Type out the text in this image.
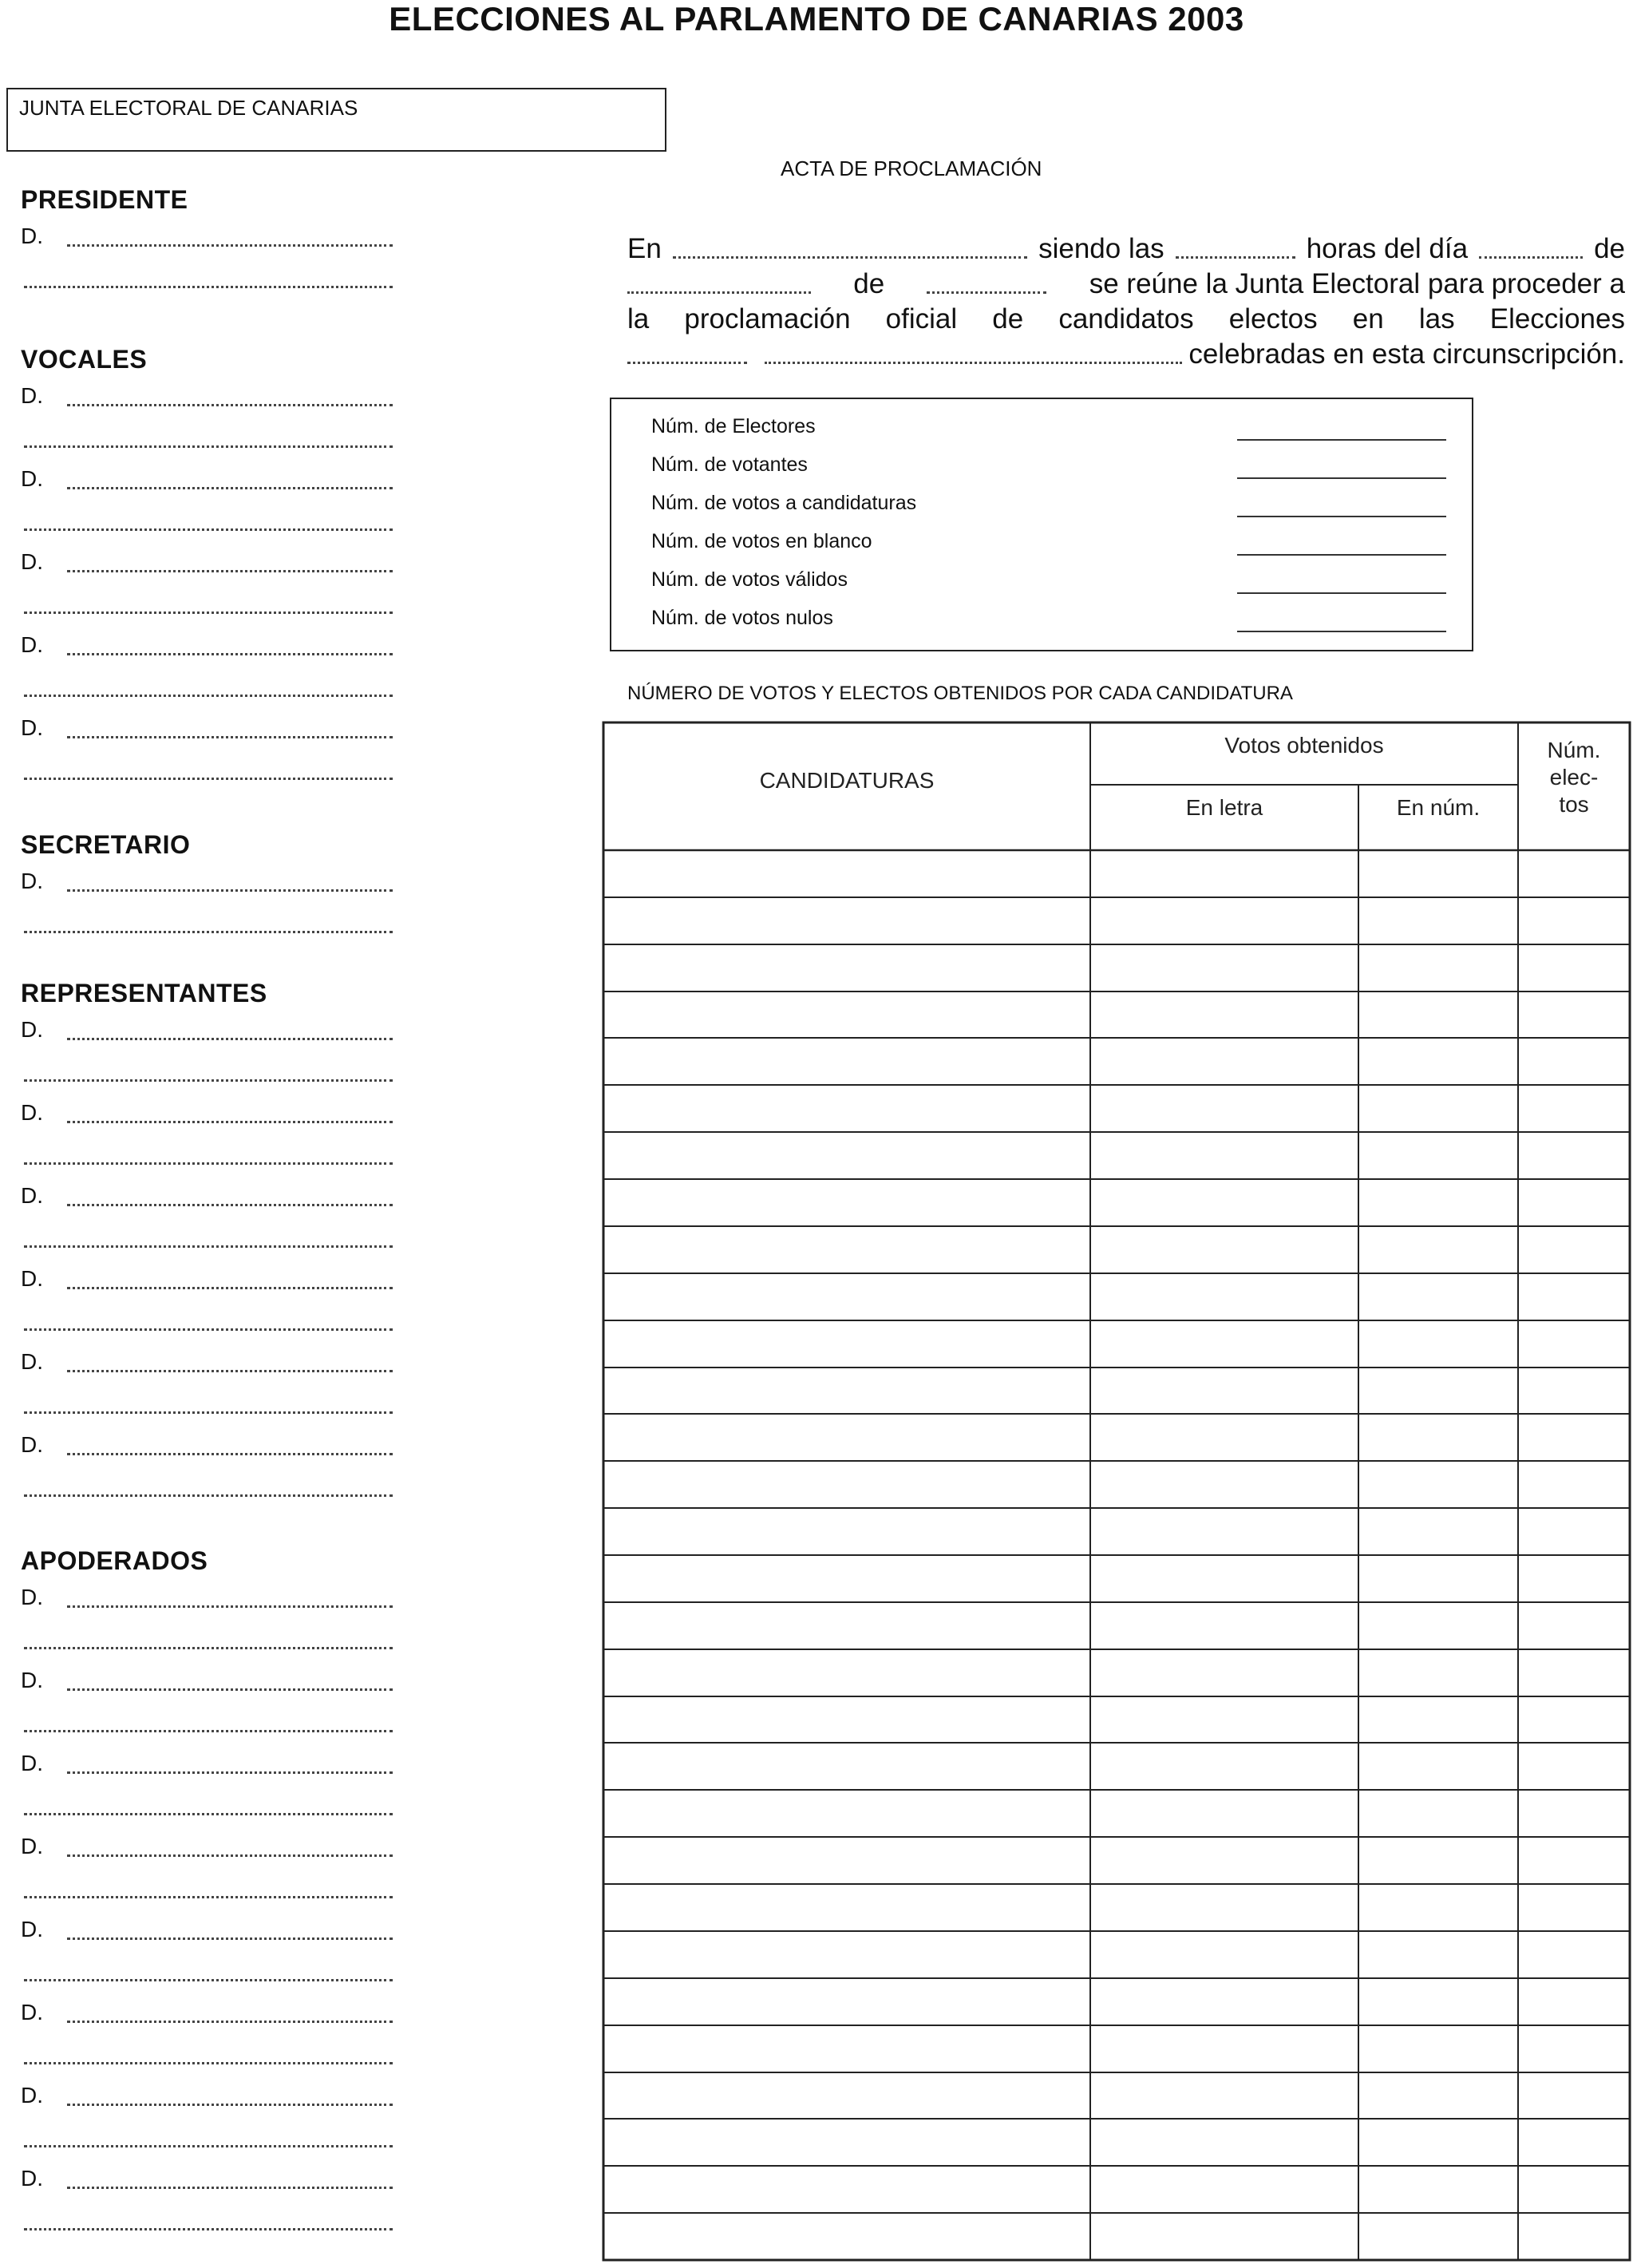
ELECCIONES AL PARLAMENTO DE CANARIAS 2003
JUNTA ELECTORAL DE CANARIAS
PRESIDENTE
D.
VOCALES
D.
D.
D.
D.
D.
SECRETARIO
D.
REPRESENTANTES
D.
D.
D.
D.
D.
D.
APODERADOS
D.
D.
D.
D.
D.
D.
D.
D.
ACTA DE PROCLAMACIÓN
En	siendo las	horas del día	de
de	se reúne la Junta Electoral para proceder a
la proclamación oficial de candidatos electos en las Elecciones
celebradas en esta circunscripción.
Núm. de Electores
Núm. de votantes
Núm. de votos a candidaturas
Núm. de votos en blanco
Núm. de votos válidos
Núm. de votos nulos
NÚMERO DE VOTOS Y ELECTOS OBTENIDOS POR CADA CANDIDATURA
CANDIDATURAS
Votos obtenidos
En letra	En núm.
Núm.
elec-
tos
